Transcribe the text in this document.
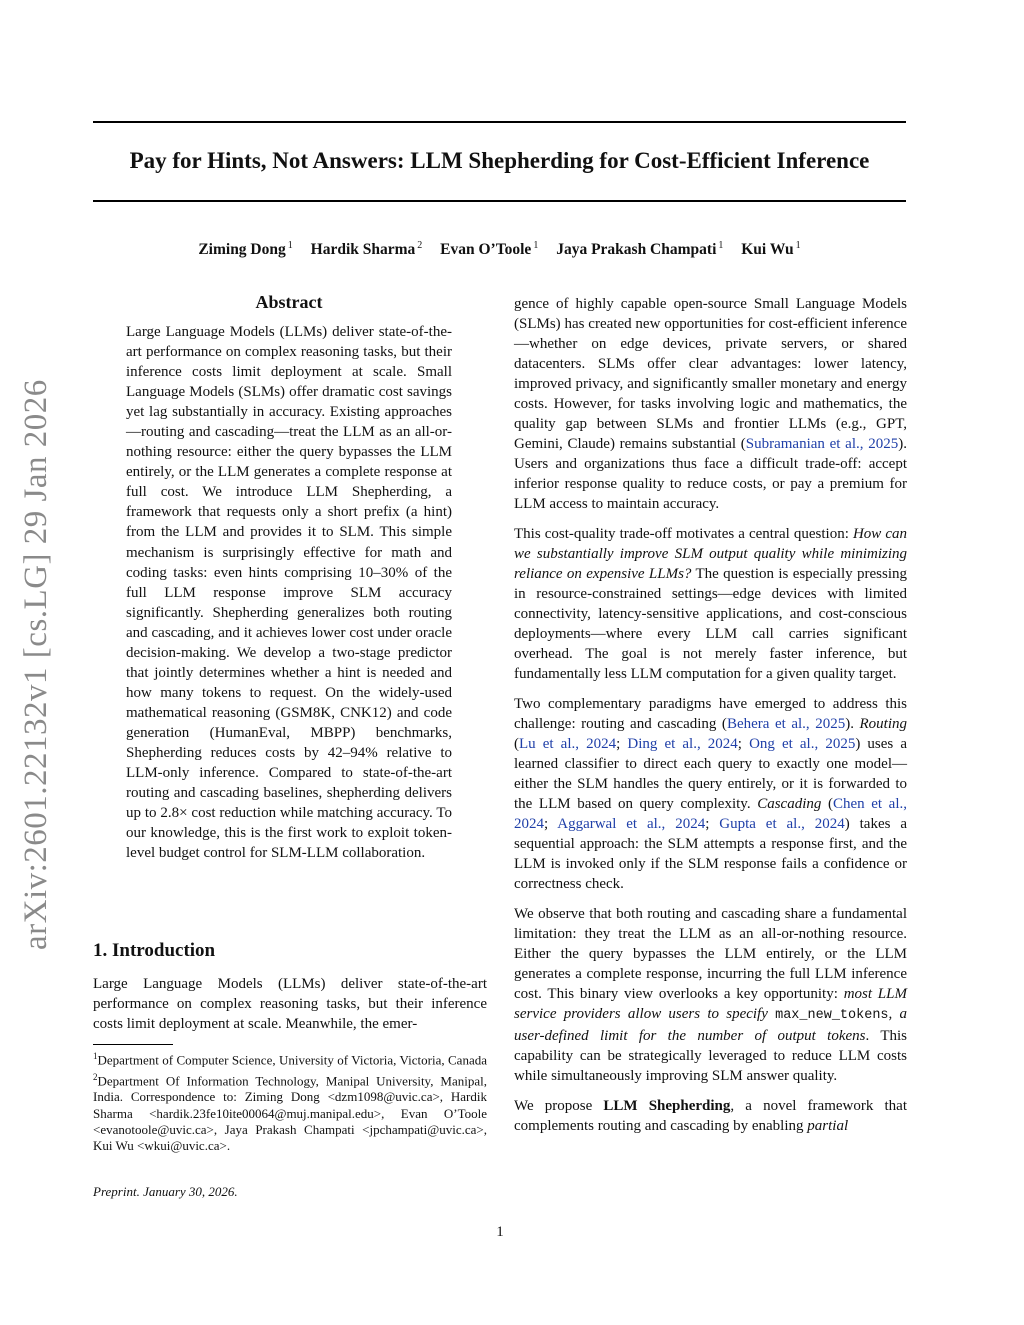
Pay for Hints, Not Answers: LLM Shepherding for Cost-Efficient Inference
Ziming Dong $^1$ Hardik Sharma $^2$ Evan O’Toole $^1$ Jaya Prakash Champati $^1$ Kui Wu $^1$
arXiv:2601.22132v1 [cs.LG] 29 Jan 2026
Abstract
Large Language Models (LLMs) deliver state-of-the-art performance on complex reasoning tasks, but their inference costs limit deployment at scale. Small Language Models (SLMs) offer dramatic cost savings yet lag substantially in accuracy. Existing approaches—routing and cascading—treat the LLM as an all-or-nothing resource: either the query bypasses the LLM entirely, or the LLM generates a complete response at full cost. We introduce LLM Shepherding, a framework that requests only a short prefix (a hint) from the LLM and provides it to SLM. This simple mechanism is surprisingly effective for math and coding tasks: even hints comprising 10–30% of the full LLM response improve SLM accuracy significantly. Shepherding generalizes both routing and cascading, and it achieves lower cost under oracle decision-making. We develop a two-stage predictor that jointly determines whether a hint is needed and how many tokens to request. On the widely-used mathematical reasoning (GSM8K, CNK12) and code generation (HumanEval, MBPP) benchmarks, Shepherding reduces costs by 42–94% relative to LLM-only inference. Compared to state-of-the-art routing and cascading baselines, shepherding delivers up to 2.8× cost reduction while matching accuracy. To our knowledge, this is the first work to exploit token-level budget control for SLM-LLM collaboration.
1. Introduction
Large Language Models (LLMs) deliver state-of-the-art performance on complex reasoning tasks, but their inference costs limit deployment at scale. Meanwhile, the emer-
$^1$Department of Computer Science, University of Victoria, Victoria, Canada $^2$Department Of Information Technology, Manipal University, Manipal, India. Correspondence to: Ziming Dong <dzm1098@uvic.ca>, Hardik Sharma <hardik.23fe10ite00064@muj.manipal.edu>, Evan O’Toole <evanotoole@uvic.ca>, Jaya Prakash Champati <jpchampati@uvic.ca>, Kui Wu <wkui@uvic.ca>.
Preprint. January 30, 2026.

gence of highly capable open-source Small Language Models (SLMs) has created new opportunities for cost-efficient inference—whether on edge devices, private servers, or shared datacenters. SLMs offer clear advantages: lower latency, improved privacy, and significantly smaller monetary and energy costs. However, for tasks involving logic and mathematics, the quality gap between SLMs and frontier LLMs (e.g., GPT, Gemini, Claude) remains substantial (Subramanian et al., 2025). Users and organizations thus face a difficult trade-off: accept inferior response quality to reduce costs, or pay a premium for LLM access to maintain accuracy.

This cost-quality trade-off motivates a central question: How can we substantially improve SLM output quality while minimizing reliance on expensive LLMs? The question is especially pressing in resource-constrained settings—edge devices with limited connectivity, latency-sensitive applications, and cost-conscious deployments—where every LLM call carries significant overhead. The goal is not merely faster inference, but fundamentally less LLM computation for a given quality target.

Two complementary paradigms have emerged to address this challenge: routing and cascading (Behera et al., 2025). Routing (Lu et al., 2024; Ding et al., 2024; Ong et al., 2025) uses a learned classifier to direct each query to exactly one model—either the SLM handles the query entirely, or it is forwarded to the LLM based on query complexity. Cascading (Chen et al., 2024; Aggarwal et al., 2024; Gupta et al., 2024) takes a sequential approach: the SLM attempts a response first, and the LLM is invoked only if the SLM response fails a confidence or correctness check.

We observe that both routing and cascading share a fundamental limitation: they treat the LLM as an all-or-nothing resource. Either the query bypasses the LLM entirely, or the LLM generates a complete response, incurring the full LLM inference cost. This binary view overlooks a key opportunity: most LLM service providers allow users to specify max_new_tokens, a user-defined limit for the number of output tokens. This capability can be strategically leveraged to reduce LLM costs while simultaneously improving SLM answer quality.

We propose LLM Shepherding, a novel framework that complements routing and cascading by enabling partial

1
